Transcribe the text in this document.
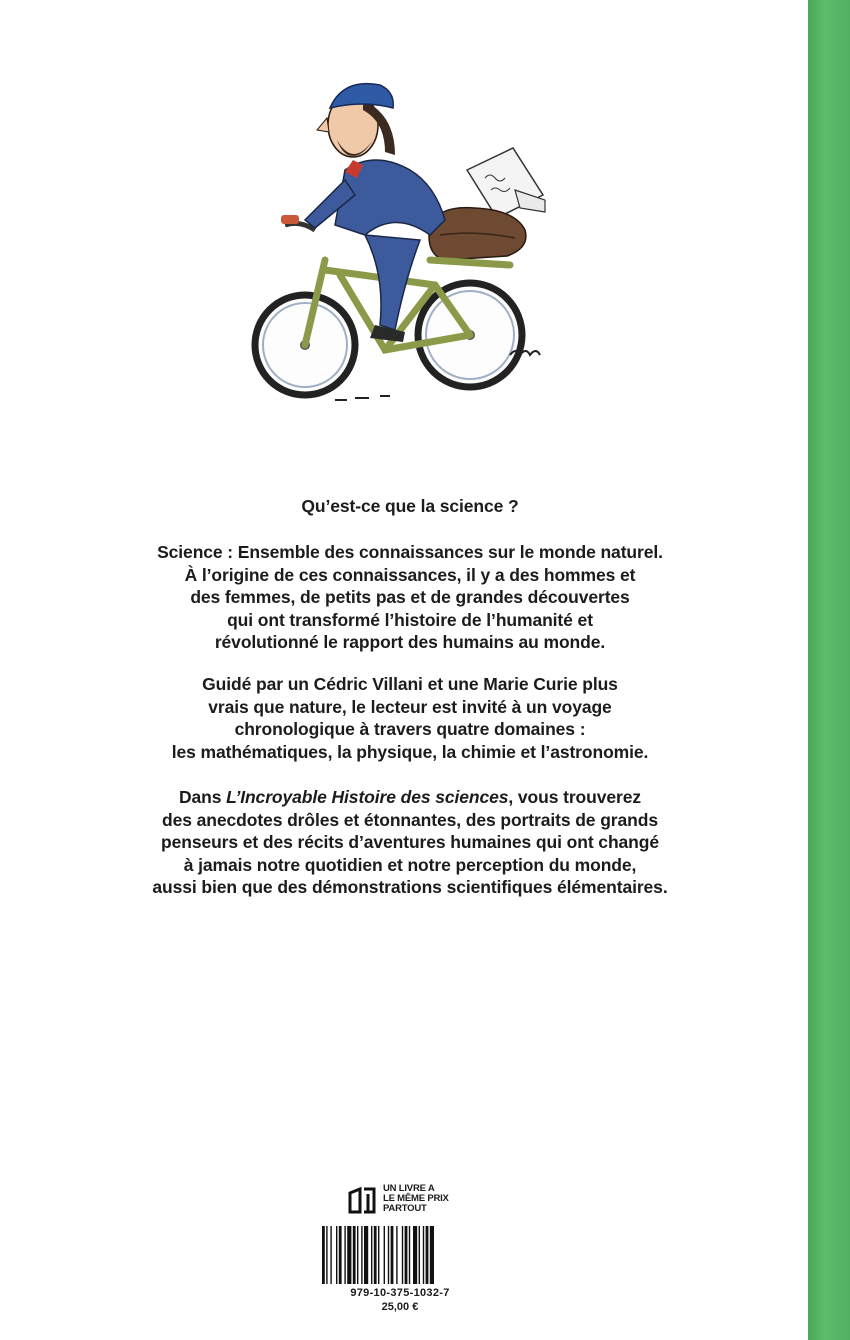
Qu’est-ce que la science ?

Science : Ensemble des connaissances sur le monde naturel.
À l’origine de ces connaissances, il y a des hommes et
des femmes, de petits pas et de grandes découvertes
qui ont transformé l’histoire de l’humanité et
révolutionné le rapport des humains au monde.
Guidé par un Cédric Villani et une Marie Curie plus
vrais que nature, le lecteur est invité à un voyage
chronologique à travers quatre domaines :
les mathématiques, la physique, la chimie et l’astronomie.
Dans L’Incroyable Histoire des sciences, vous trouverez
des anecdotes drôles et étonnantes, des portraits de grands
penseurs et des récits d’aventures humaines qui ont changé
à jamais notre quotidien et notre perception du monde,
aussi bien que des démonstrations scientifiques élémentaires.
UN LIVRE A
LE MÊME PRIX
PARTOUT
979-10-375-1032-7
25,00 €
